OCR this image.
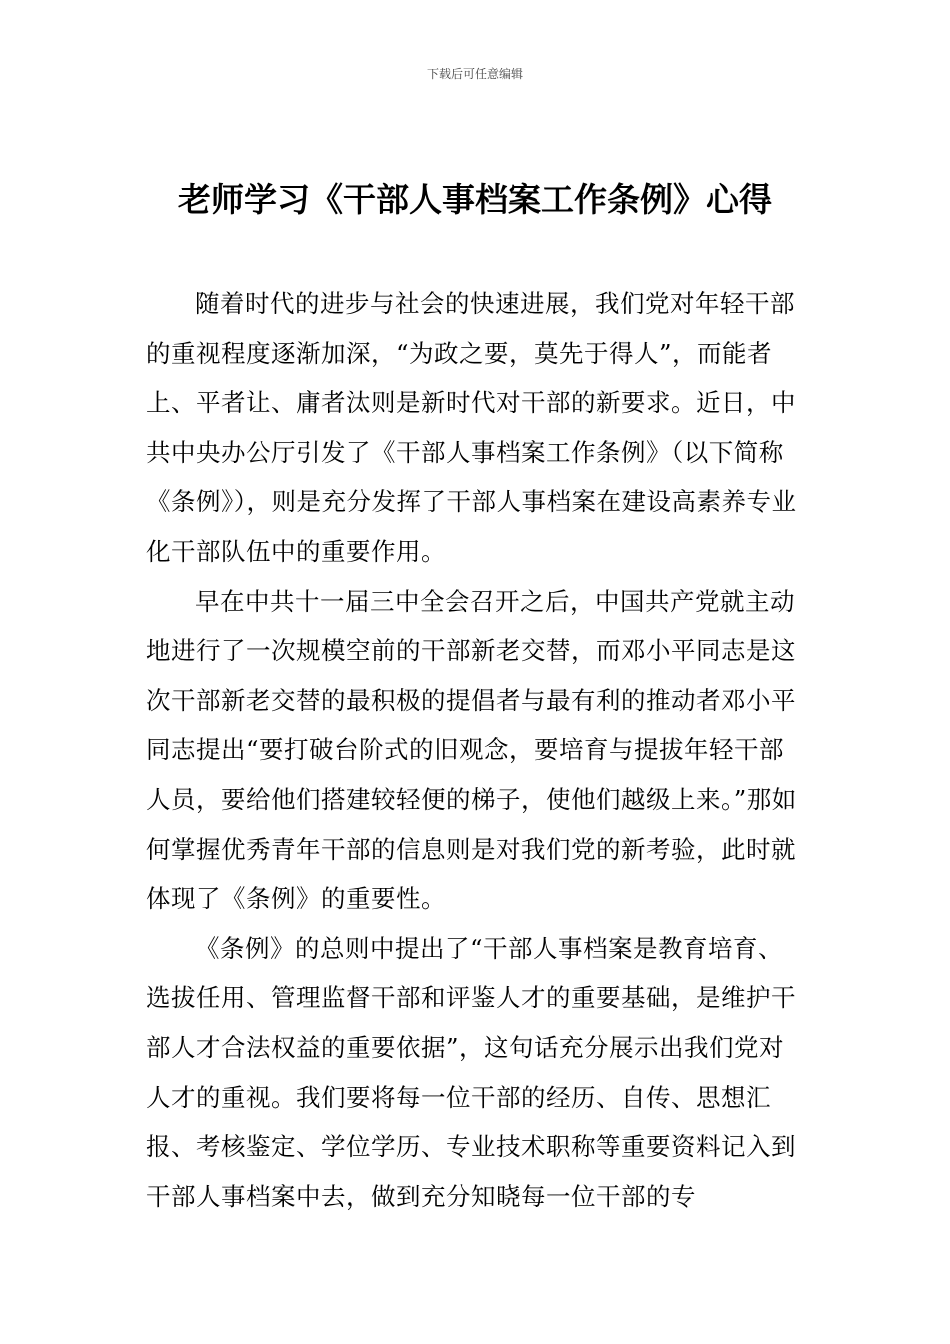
下载后可任意编辑
老师学习《干部人事档案工作条例》心得

随着时代的进步与社会的快速进展，我们党对年轻干部的重视程度逐渐加深，“为政之要，莫先于得人”，而能者上、平者让、庸者汰则是新时代对干部的新要求。近日，中共中央办公厅引发了《干部人事档案工作条例》（以下简称《条例》），则是充分发挥了干部人事档案在建设高素养专业化干部队伍中的重要作用。

早在中共十一届三中全会召开之后，中国共产党就主动地进行了一次规模空前的干部新老交替，而邓小平同志是这次干部新老交替的最积极的提倡者与最有利的推动者邓小平同志提出“要打破台阶式的旧观念，要培育与提拔年轻干部人员，要给他们搭建较轻便的梯子，使他们越级上来。”那如何掌握优秀青年干部的信息则是对我们党的新考验，此时就体现了《条例》的重要性。

《条例》的总则中提出了“干部人事档案是教育培育、选拔任用、管理监督干部和评鉴人才的重要基础，是维护干部人才合法权益的重要依据”，这句话充分展示出我们党对人才的重视。我们要将每一位干部的经历、自传、思想汇报、考核鉴定、学位学历、专业技术职称等重要资料记入到干部人事档案中去，做到充分知晓每一位干部的专
